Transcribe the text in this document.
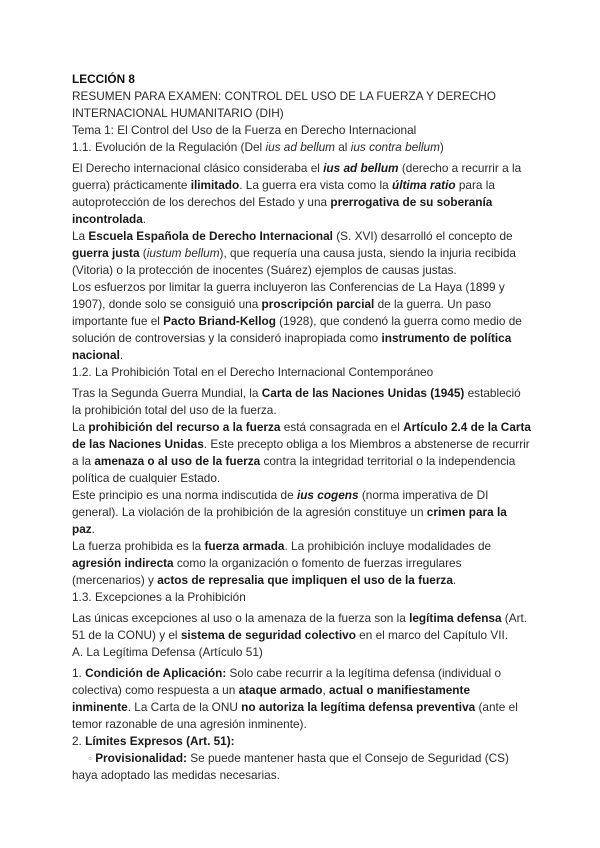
LECCIÓN 8

RESUMEN PARA EXAMEN: CONTROL DEL USO DE LA FUERZA Y DERECHO INTERNACIONAL HUMANITARIO (DIH)

Tema 1: El Control del Uso de la Fuerza en Derecho Internacional

1.1. Evolución de la Regulación (Del ius ad bellum al ius contra bellum)

El Derecho internacional clásico consideraba el ius ad bellum (derecho a recurrir a la guerra) prácticamente ilimitado. La guerra era vista como la última ratio para la autoprotección de los derechos del Estado y una prerrogativa de su soberanía incontrolada.

La Escuela Española de Derecho Internacional (S. XVI) desarrolló el concepto de guerra justa (iustum bellum), que requería una causa justa, siendo la injuria recibida (Vitoria) o la protección de inocentes (Suárez) ejemplos de causas justas.

Los esfuerzos por limitar la guerra incluyeron las Conferencias de La Haya (1899 y 1907), donde solo se consiguió una proscripción parcial de la guerra. Un paso importante fue el Pacto Briand-Kellog (1928), que condenó la guerra como medio de solución de controversias y la consideró inapropiada como instrumento de política nacional.

1.2. La Prohibición Total en el Derecho Internacional Contemporáneo

Tras la Segunda Guerra Mundial, la Carta de las Naciones Unidas (1945) estableció la prohibición total del uso de la fuerza.

La prohibición del recurso a la fuerza está consagrada en el Artículo 2.4 de la Carta de las Naciones Unidas. Este precepto obliga a los Miembros a abstenerse de recurrir a la amenaza o al uso de la fuerza contra la integridad territorial o la independencia política de cualquier Estado.

Este principio es una norma indiscutida de ius cogens (norma imperativa de DI general). La violación de la prohibición de la agresión constituye un crimen para la paz.

La fuerza prohibida es la fuerza armada. La prohibición incluye modalidades de agresión indirecta como la organización o fomento de fuerzas irregulares (mercenarios) y actos de represalia que impliquen el uso de la fuerza.

1.3. Excepciones a la Prohibición

Las únicas excepciones al uso o la amenaza de la fuerza son la legítima defensa (Art. 51 de la CONU) y el sistema de seguridad colectivo en el marco del Capítulo VII.

A. La Legítima Defensa (Artículo 51)

1. Condición de Aplicación: Solo cabe recurrir a la legítima defensa (individual o colectiva) como respuesta a un ataque armado, actual o manifiestamente inminente. La Carta de la ONU no autoriza la legítima defensa preventiva (ante el temor razonable de una agresión inminente).

2. Límites Expresos (Art. 51):

◦ Provisionalidad: Se puede mantener hasta que el Consejo de Seguridad (CS) haya adoptado las medidas necesarias.
